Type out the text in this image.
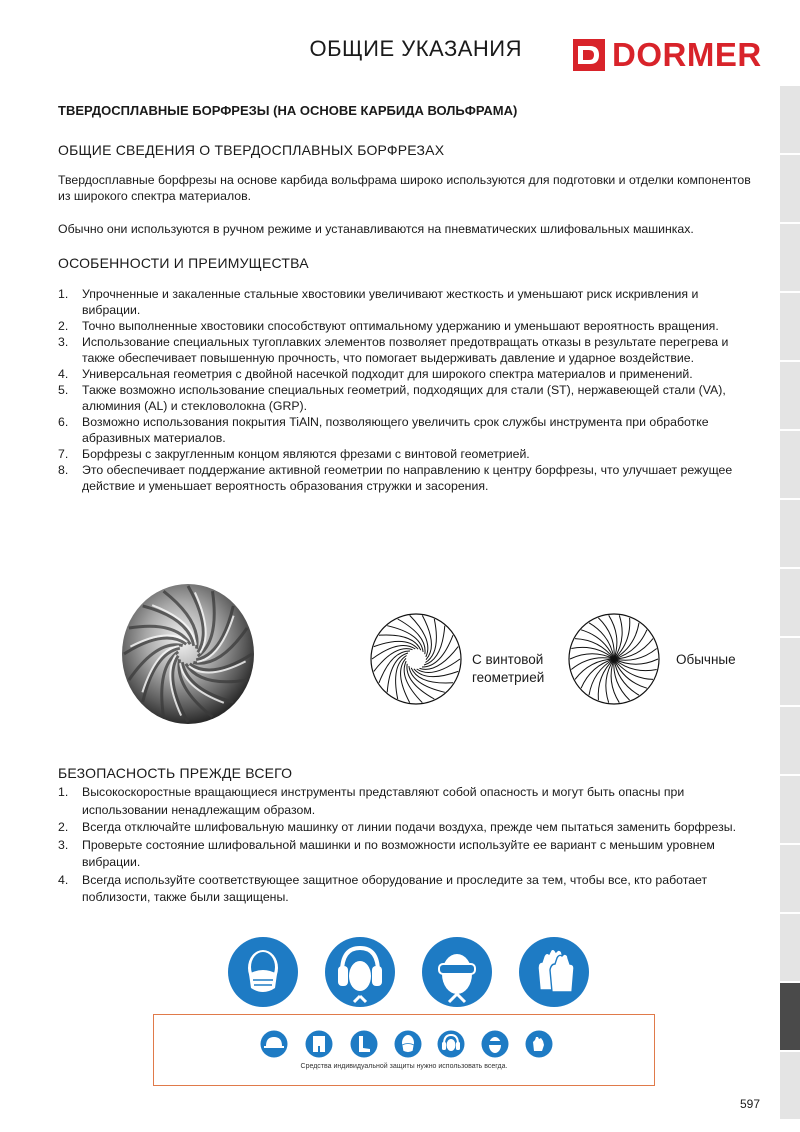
ОБЩИЕ УКАЗАНИЯ	DORMER
ТВЕРДОСПЛАВНЫЕ БОРФРЕЗЫ (НА ОСНОВЕ КАРБИДА ВОЛЬФРАМА)
ОБЩИЕ СВЕДЕНИЯ О ТВЕРДОСПЛАВНЫХ БОРФРЕЗАХ
Твердосплавные борфрезы на основе карбида вольфрама широко используются для подготовки и отделки компонентов из широкого спектра материалов.
Обычно они используются в ручном режиме и устанавливаются на пневматических шлифовальных машинках.
ОСОБЕННОСТИ И ПРЕИМУЩЕСТВА
1. Упрочненные и закаленные стальные хвостовики увеличивают жесткость и уменьшают риск искривления и вибрации.
2. Точно выполненные хвостовики способствуют оптимальному удержанию и уменьшают вероятность вращения.
3. Использование специальных тугоплавких элементов позволяет предотвращать отказы в результате перегрева и также обеспечивает повышенную прочность, что помогает выдерживать давление и ударное воздействие.
4. Универсальная геометрия с двойной насечкой подходит для широкого спектра материалов и применений.
5. Также возможно использование специальных геометрий, подходящих для стали (ST), нержавеющей стали (VA), алюминия (AL) и стекловолокна (GRP).
6. Возможно использования покрытия TiAlN, позволяющего увеличить срок службы инструмента при обработке абразивных материалов.
7. Борфрезы с закругленным концом являются фрезами с винтовой геометрией.
8. Это обеспечивает поддержание активной геометрии по направлению к центру борфрезы, что улучшает режущее действие и уменьшает вероятность образования стружки и засорения.
С винтовой
геометрией
Обычные
БЕЗОПАСНОСТЬ ПРЕЖДЕ ВСЕГО
1. Высокоскоростные вращающиеся инструменты представляют собой опасность и могут быть опасны при использовании ненадлежащим образом.
2. Всегда отключайте шлифовальную машинку от линии подачи воздуха, прежде чем пытаться заменить борфрезы.
3. Проверьте состояние шлифовальной машинки и по возможности используйте ее вариант с меньшим уровнем вибрации.
4. Всегда используйте соответствующее защитное оборудование и проследите за тем, чтобы все, кто работает поблизости, также были защищены.
Средства индивидуальной защиты нужно использовать всегда.
597
